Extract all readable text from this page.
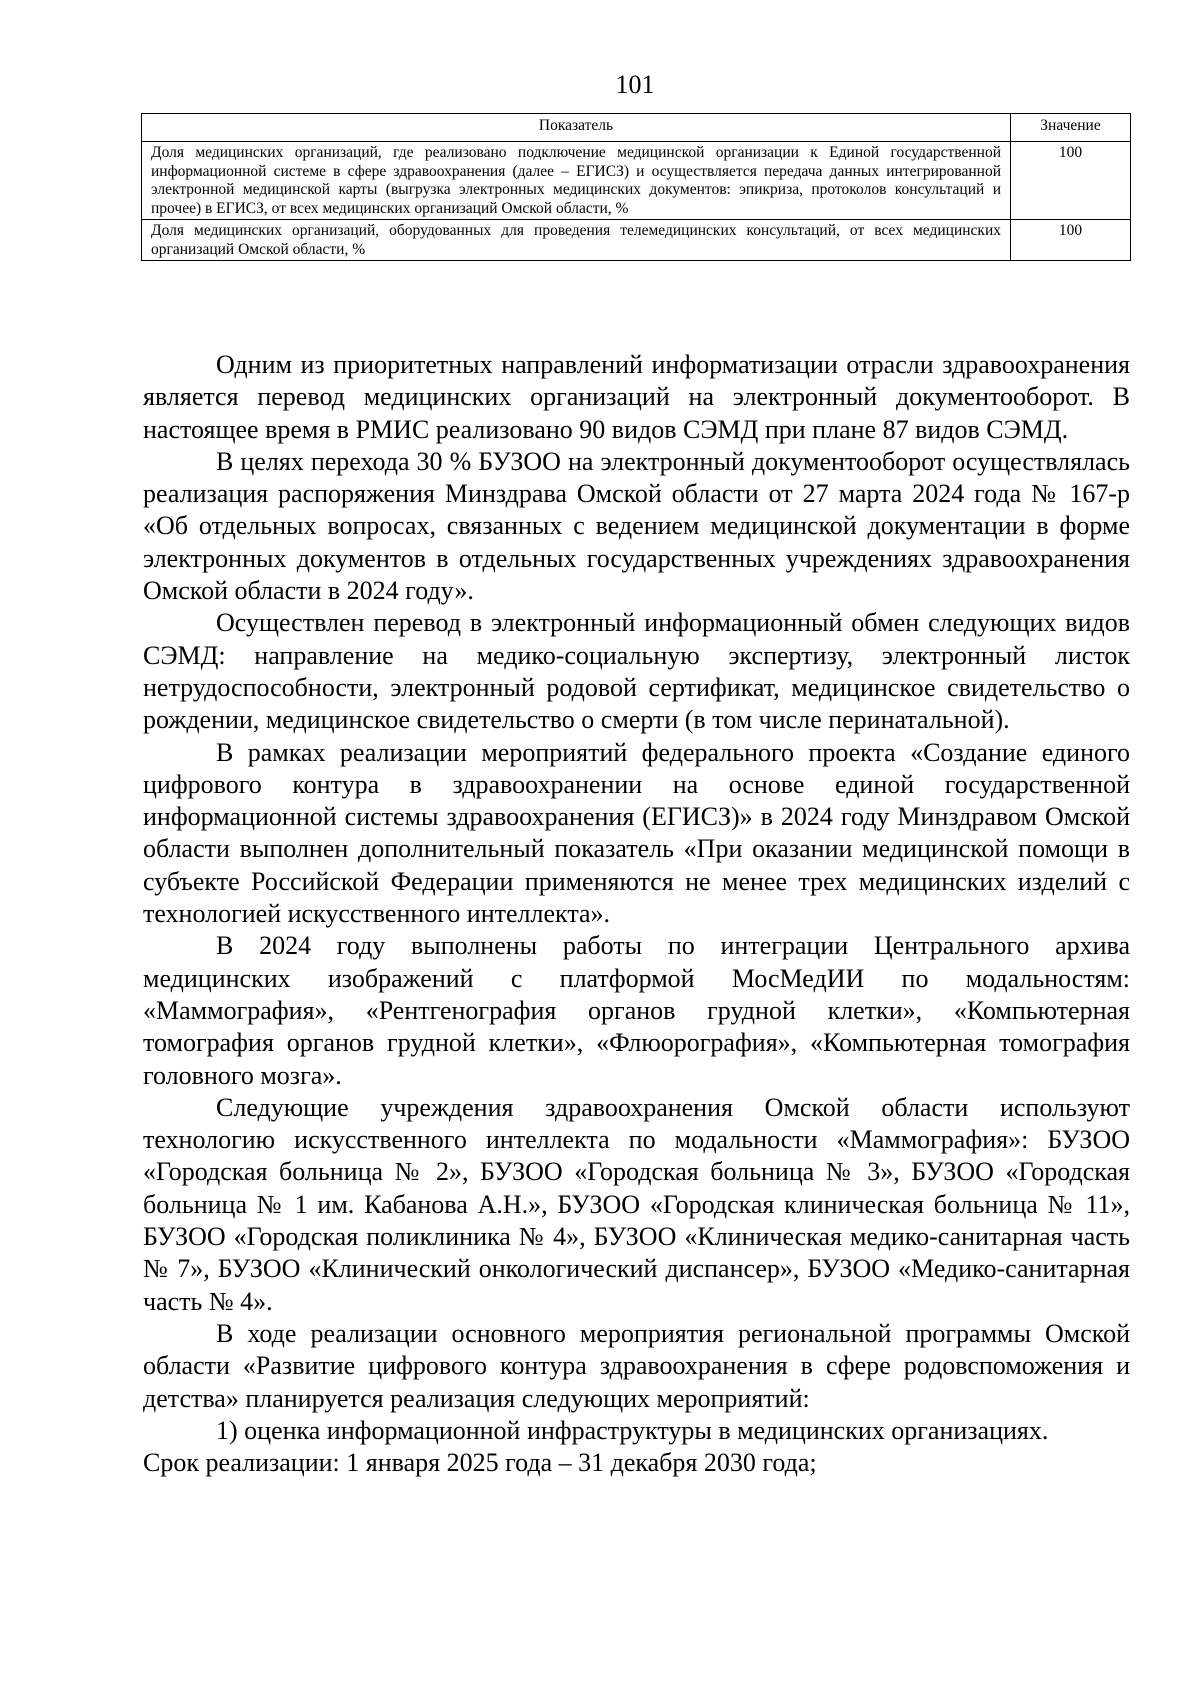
101
Показатель	Значение
Доля медицинских организаций, где реализовано подключение медицинской организации к Единой государственной информационной системе в сфере здравоохранения (далее – ЕГИСЗ) и осуществляется передача данных интегрированной электронной медицинской карты (выгрузка электронных медицинских документов: эпикриза, протоколов консультаций и прочее) в ЕГИСЗ, от всех медицинских организаций Омской области, %	100
Доля медицинских организаций, оборудованных для проведения телемедицинских консультаций, от всех медицинских организаций Омской области, %	100

Одним из приоритетных направлений информатизации отрасли здравоохранения является перевод медицинских организаций на электронный документооборот. В настоящее время в РМИС реализовано 90 видов СЭМД при плане 87 видов СЭМД.

В целях перехода 30 % БУЗОО на электронный документооборот осуществлялась реализация распоряжения Минздрава Омской области от 27 марта 2024 года № 167-р «Об отдельных вопросах, связанных с ведением медицинской документации в форме электронных документов в отдельных государственных учреждениях здравоохранения Омской области в 2024 году».

Осуществлен перевод в электронный информационный обмен следующих видов СЭМД: направление на медико-социальную экспертизу, электронный листок нетрудоспособности, электронный родовой сертификат, медицинское свидетельство о рождении, медицинское свидетельство о смерти (в том числе перинатальной).

В рамках реализации мероприятий федерального проекта «Создание единого цифрового контура в здравоохранении на основе единой государственной информационной системы здравоохранения (ЕГИСЗ)» в 2024 году Минздравом Омской области выполнен дополнительный показатель «При оказании медицинской помощи в субъекте Российской Федерации применяются не менее трех медицинских изделий с технологией искусственного интеллекта».

В 2024 году выполнены работы по интеграции Центрального архива медицинских изображений с платформой МосМедИИ по модальностям: «Маммография», «Рентгенография органов грудной клетки», «Компьютерная томография органов грудной клетки», «Флюорография», «Компьютерная томография головного мозга».

Следующие учреждения здравоохранения Омской области используют технологию искусственного интеллекта по модальности «Маммография»: БУЗОО «Городская больница № 2», БУЗОО «Городская больница № 3», БУЗОО «Городская больница № 1 им. Кабанова А.Н.», БУЗОО «Городская клиническая больница № 11», БУЗОО «Городская поликлиника № 4», БУЗОО «Клиническая медико-санитарная часть № 7», БУЗОО «Клинический онкологический диспансер», БУЗОО «Медико-санитарная часть № 4».

В ходе реализации основного мероприятия региональной программы Омской области «Развитие цифрового контура здравоохранения в сфере родовспоможения и детства» планируется реализация следующих мероприятий:

1) оценка информационной инфраструктуры в медицинских организациях.

Срок реализации: 1 января 2025 года – 31 декабря 2030 года;
